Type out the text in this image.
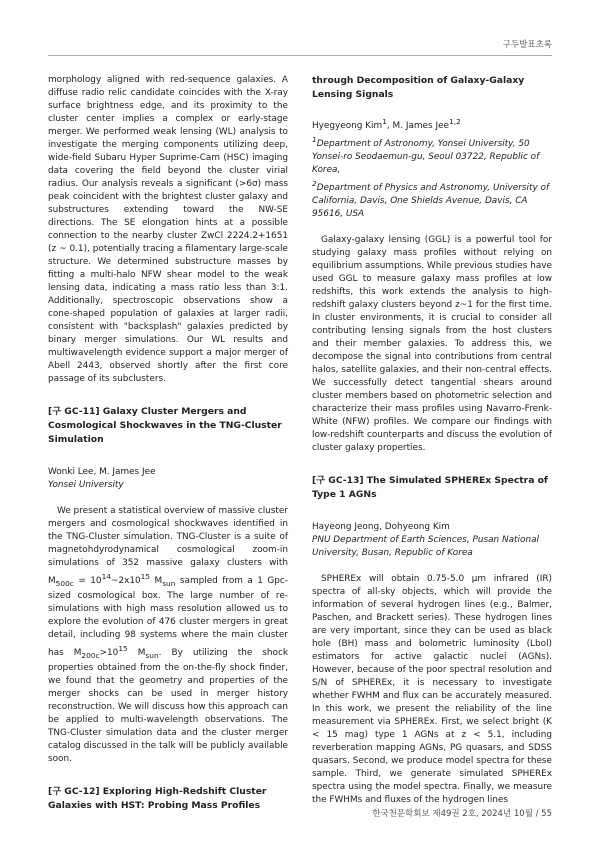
구두발표초록

morphology aligned with red-sequence galaxies. A diffuse radio relic candidate coincides with the X-ray surface brightness edge, and its proximity to the cluster center implies a complex or early-stage merger. We performed weak lensing (WL) analysis to investigate the merging components utilizing deep, wide-field Subaru Hyper Suprime-Cam (HSC) imaging data covering the field beyond the cluster virial radius. Our analysis reveals a significant (>6σ) mass peak coincident with the brightest cluster galaxy and substructures extending toward the NW-SE directions. The SE elongation hints at a possible connection to the nearby cluster ZwCl 2224.2+1651 (z ~ 0.1), potentially tracing a filamentary large-scale structure. We determined substructure masses by fitting a multi-halo NFW shear model to the weak lensing data, indicating a mass ratio less than 3:1. Additionally, spectroscopic observations show a cone-shaped population of galaxies at larger radii, consistent with "backsplash" galaxies predicted by binary merger simulations. Our WL results and multiwavelength evidence support a major merger of Abell 2443, observed shortly after the first core passage of its subclusters.

[구 GC-11] Galaxy Cluster Mergers and Cosmological Shockwaves in the TNG-Cluster Simulation

Wonki Lee, M. James Jee

Yonsei University

We present a statistical overview of massive cluster mergers and cosmological shockwaves identified in the TNG-Cluster simulation. TNG-Cluster is a suite of magnetohdyrodynamical cosmological zoom-in simulations of 352 massive galaxy clusters with $M_{500c}$ = $10^{14}\sim 2x10^{15}$ $M_{sun}$ sampled from a 1 Gpc-sized cosmological box. The large number of re-simulations with high mass resolution allowed us to explore the evolution of 476 cluster mergers in great detail, including 98 systems where the main cluster has $M_{200c}>10^{15}$ $M_{sun}$. By utilizing the shock properties obtained from the on-the-fly shock finder, we found that the geometry and properties of the merger shocks can be used in merger history reconstruction. We will discuss how this approach can be applied to multi-wavelength observations. The TNG-Cluster simulation data and the cluster merger catalog discussed in the talk will be publicly available soon.

[구 GC-12] Exploring High-Redshift Cluster Galaxies with HST: Probing Mass Profiles

through Decomposition of Galaxy-Galaxy Lensing Signals

Hyegyeong Kim$^1$, M. James Jee$^{1,2}$

$^1$Department of Astronomy, Yonsei University, 50 Yonsei-ro Seodaemun-gu, Seoul 03722, Republic of Korea,

$^2$Department of Physics and Astronomy, University of California, Davis, One Shields Avenue, Davis, CA 95616, USA

Galaxy-galaxy lensing (GGL) is a powerful tool for studying galaxy mass profiles without relying on equilibrium assumptions. While previous studies have used GGL to measure galaxy mass profiles at low redshifts, this work extends the analysis to high-redshift galaxy clusters beyond z~1 for the first time. In cluster environments, it is crucial to consider all contributing lensing signals from the host clusters and their member galaxies. To address this, we decompose the signal into contributions from central halos, satellite galaxies, and their non-central effects. We successfully detect tangential shears around cluster members based on photometric selection and characterize their mass profiles using Navarro-Frenk-White (NFW) profiles. We compare our findings with low-redshift counterparts and discuss the evolution of cluster galaxy properties.

[구 GC-13] The Simulated SPHEREx Spectra of Type 1 AGNs

Hayeong Jeong, Dohyeong Kim

PNU Department of Earth Sciences, Pusan National University, Busan, Republic of Korea

SPHEREx will obtain 0.75-5.0 μm infrared (IR) spectra of all-sky objects, which will provide the information of several hydrogen lines (e.g., Balmer, Paschen, and Brackett series). These hydrogen lines are very important, since they can be used as black hole (BH) mass and bolometric luminosity (Lbol) estimators for active galactic nuclei (AGNs). However, because of the poor spectral resolution and S/N of SPHEREx, it is necessary to investigate whether FWHM and flux can be accurately measured. In this work, we present the reliability of the line measurement via SPHEREx. First, we select bright (K < 15 mag) type 1 AGNs at z < 5.1, including reverberation mapping AGNs, PG quasars, and SDSS quasars. Second, we produce model spectra for these sample. Third, we generate simulated SPHEREx spectra using the model spectra. Finally, we measure the FWHMs and fluxes of the hydrogen lines

한국천문학회보 제49권 2호, 2024년 10월 / 55
